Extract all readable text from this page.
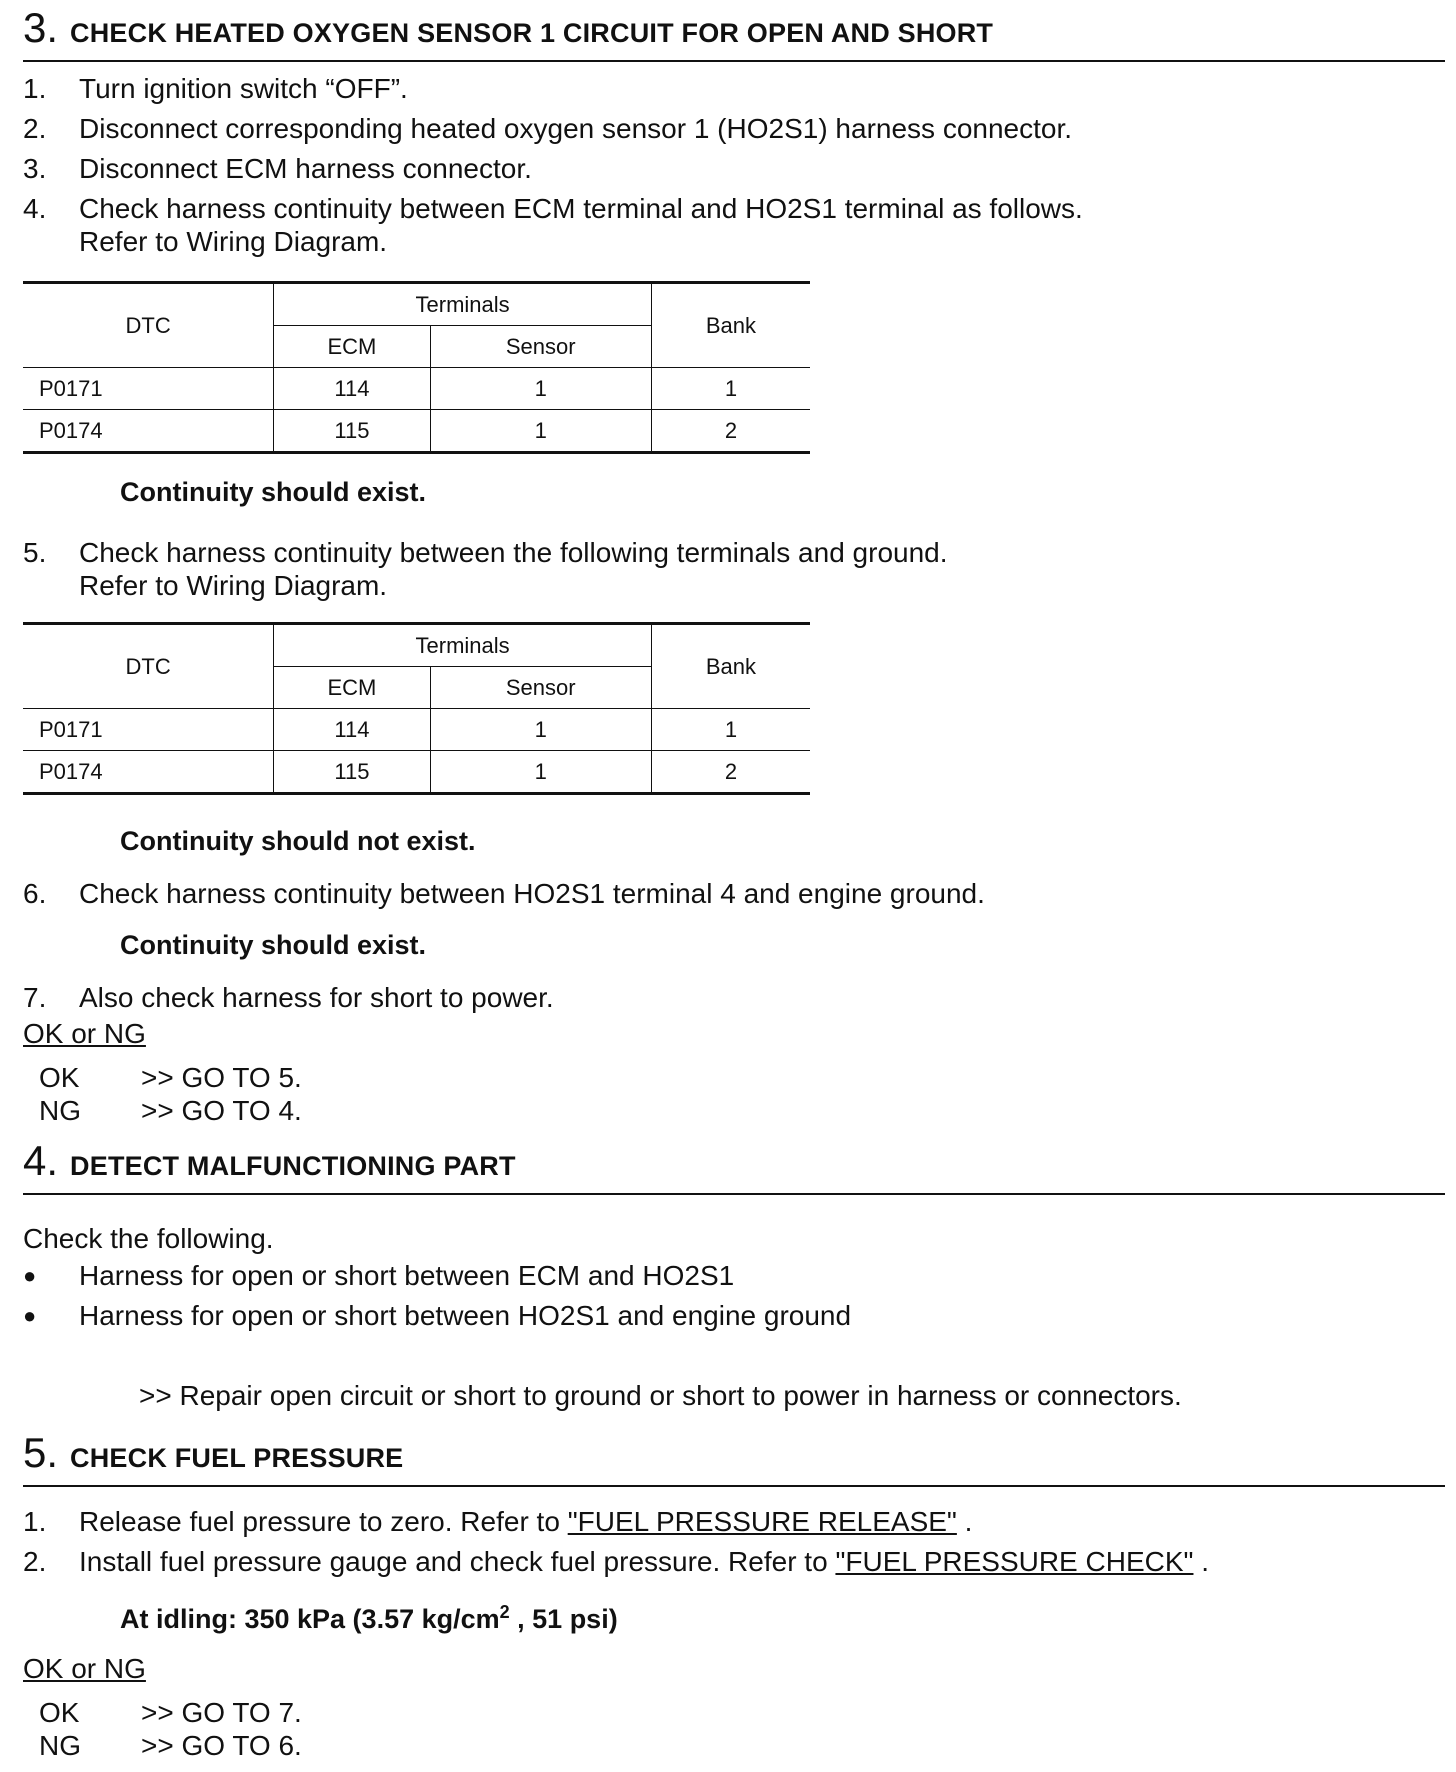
3 . CHECK HEATED OXYGEN SENSOR 1 CIRCUIT FOR OPEN AND SHORT
1.	Turn ignition switch “OFF”.
2.	Disconnect corresponding heated oxygen sensor 1 (HO2S1) harness connector.
3.	Disconnect ECM harness connector.
4.	Check harness continuity between ECM terminal and HO2S1 terminal as follows.
Refer to Wiring Diagram.
DTC	Terminals		Bank
	ECM	Sensor	
P0171	114	1	1
P0174	115	1	2
Continuity should exist.
5.	Check harness continuity between the following terminals and ground.
Refer to Wiring Diagram.
DTC	Terminals		Bank
	ECM	Sensor	
P0171	114	1	1
P0174	115	1	2
Continuity should not exist.
6.	Check harness continuity between HO2S1 terminal 4 and engine ground.
Continuity should exist.
7.	Also check harness for short to power.
OK or NG
OK	>> GO TO 5.
NG	>> GO TO 4.
4 . DETECT MALFUNCTIONING PART
Check the following.
●	Harness for open or short between ECM and HO2S1
●	Harness for open or short between HO2S1 and engine ground
>> Repair open circuit or short to ground or short to power in harness or connectors.
5 . CHECK FUEL PRESSURE
1.	Release fuel pressure to zero. Refer to "FUEL PRESSURE RELEASE" .
2.	Install fuel pressure gauge and check fuel pressure. Refer to "FUEL PRESSURE CHECK" .
At idling: 350 kPa (3.57 $kg/cm^2$ , 51 psi)
OK or NG
OK	>> GO TO 7.
NG	>> GO TO 6.
